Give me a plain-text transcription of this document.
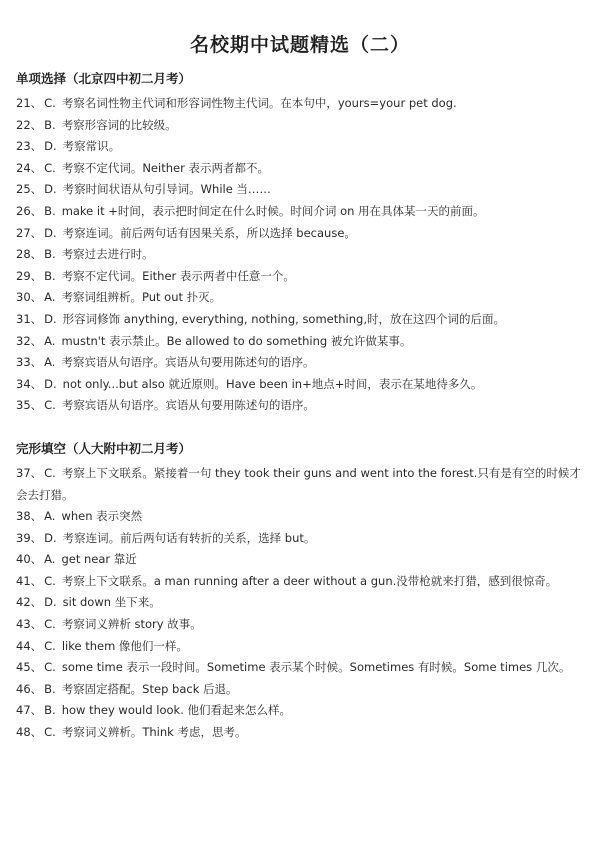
名校期中试题精选（二）
单项选择（北京四中初二月考）
21、 C. 考察名词性物主代词和形容词性物主代词。在本句中，yours=your pet dog.
22、 B. 考察形容词的比较级。
23、 D. 考察常识。
24、 C. 考察不定代词。Neither 表示两者都不。
25、 D. 考察时间状语从句引导词。While 当……
26、 B. make it +时间，表示把时间定在什么时候。时间介词 on 用在具体某一天的前面。
27、 D. 考察连词。前后两句话有因果关系，所以选择 because。
28、 B. 考察过去进行时。
29、 B. 考察不定代词。Either 表示两者中任意一个。
30、 A. 考察词组辨析。Put out 扑灭。
31、 D. 形容词修饰 anything, everything, nothing, something,时，放在这四个词的后面。
32、 A. mustn't 表示禁止。Be allowed to do something 被允许做某事。
33、 A. 考察宾语从句语序。宾语从句要用陈述句的语序。
34、 D. not only...but also 就近原则。Have been in+地点+时间，表示在某地待多久。
35、 C. 考察宾语从句语序。宾语从句要用陈述句的语序。
完形填空（人大附中初二月考）
37、 C. 考察上下文联系。紧接着一句 they took their guns and went into the forest.只有是有空的时候才会去打猎。
38、 A. when 表示突然
39、 D. 考察连词。前后两句话有转折的关系，选择 but。
40、 A. get near 靠近
41、 C. 考察上下文联系。a man running after a deer without a gun.没带枪就来打猎，感到很惊奇。
42、 D. sit down 坐下来。
43、 C. 考察词义辨析 story 故事。
44、 C. like them 像他们一样。
45、 C. some time 表示一段时间。Sometime 表示某个时候。Sometimes 有时候。Some times 几次。
46、 B. 考察固定搭配。Step back 后退。
47、 B. how they would look. 他们看起来怎么样。
48、 C. 考察词义辨析。Think 考虑，思考。
